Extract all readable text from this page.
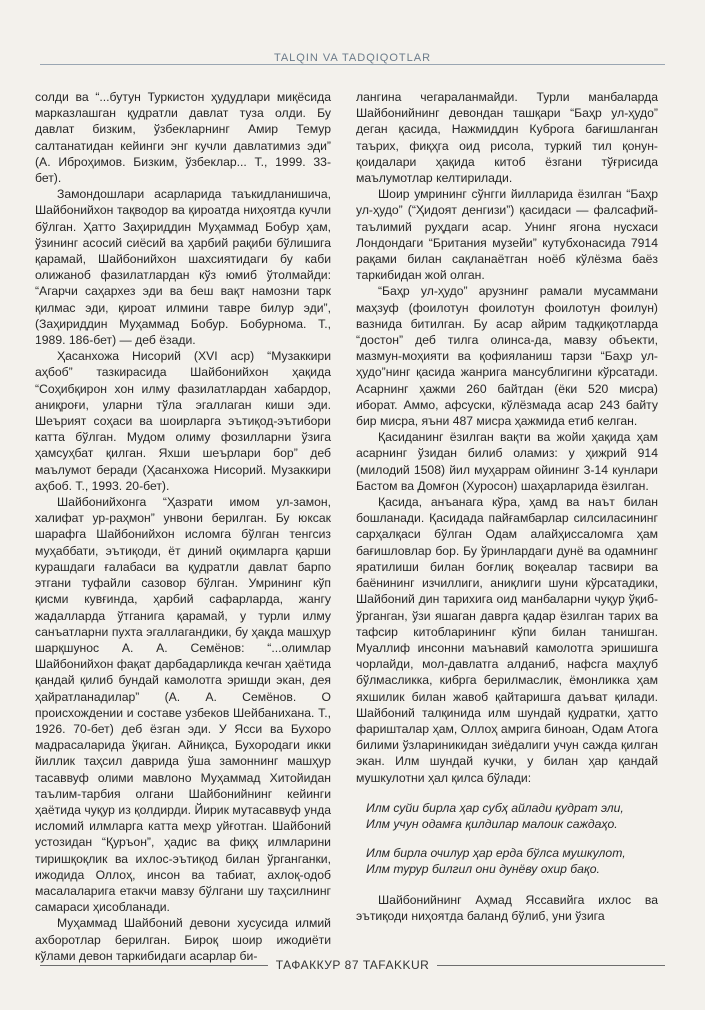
TALQIN VA TADQIQOTLAR

солди ва “...бутун Туркистон ҳудудлари миқёсида марказлашган қудратли давлат туза олди. Бу давлат бизким, ўзбекларнинг Амир Темур салтанатидан кейинги энг кучли давлатимиз эди” (А. Иброҳимов. Бизким, ўзбеклар... Т., 1999. 33-бет).

Замондошлари асарларида таъкидланишича, Шайбонийхон тақводор ва қироатда ниҳоятда кучли бўлган. Ҳатто Заҳириддин Муҳаммад Бобур ҳам, ўзининг асосий сиёсий ва ҳарбий рақиби бўлишига қарамай, Шайбонийхон шахсиятидаги бу каби олижаноб фазилатлардан кўз юмиб ўтолмайди: “Агарчи саҳархез эди ва беш вақт намозни тарк қилмас эди, қироат илмини тавре билур эди”, (Заҳириддин Муҳаммад Бобур. Бобурнома. Т., 1989. 186-бет) — деб ёзади.

Ҳасанхожа Нисорий (XVI аср) “Музаккири аҳбоб” тазкирасида Шайбонийхон ҳақида “Соҳибқирон хон илму фазилатлардан хабардор, аниқроғи, уларни тўла эгаллаган киши эди. Шеърият соҳаси ва шоирларга эътиқод-эътибори катта бўлган. Мудом олиму фозилларни ўзига ҳамсуҳбат қилган. Яхши шеърлари бор” деб маълумот беради (Ҳасанхожа Нисорий. Музаккири аҳбоб. Т., 1993. 20-бет).

Шайбонийхонга “Ҳазрати имом ул-замон, халифат ур-раҳмон” унвони берилган. Бу юксак шарафга Шайбонийхон исломга бўлган тенгсиз муҳаббати, эътиқоди, ёт диний оқимларга қарши курашдаги ғалабаси ва қудратли давлат барпо этгани туфайли сазовор бўлган. Умрининг кўп қисми кувғинда, ҳарбий сафарларда, жангу жадалларда ўтганига қарамай, у турли илму санъатларни пухта эгаллагандики, бу ҳақда машҳур шарқшунос А. А. Семёнов: “...олимлар Шайбонийхон фақат дарбадарликда кечган ҳаётида қандай қилиб бундай камолотга эришди экан, дея ҳайратланадилар” (А. А. Семёнов. О происхождении и составе узбеков Шейбанихана. Т., 1926. 70-бет) деб ёзган эди. У Ясси ва Бухоро мадрасаларида ўқиган. Айниқса, Бухородаги икки йиллик таҳсил даврида ўша замоннинг машҳур тасаввуф олими мавлоно Муҳаммад Хитойидан таълим-тарбия олгани Шайбонийнинг кейинги ҳаётида чуқур из қолдирди. Йирик мутасаввуф унда исломий илмларга катта меҳр уйғотган. Шайбоний устозидан “Қуръон”, ҳадис ва фиқҳ илмларини тиришқоқлик ва ихлос-эътиқод билан ўрганганки, ижодида Оллоҳ, инсон ва табиат, ахлоқ-одоб масалаларига етакчи мавзу бўлгани шу таҳсилнинг самараси ҳисобланади.

Муҳаммад Шайбоний девони хусусида илмий ахборотлар берилган. Бироқ шоир ижодиёти кўлами девон таркибидаги асарлар би-

лангина чегараланмайди. Турли манбаларда Шайбонийнинг девондан ташқари “Баҳр ул-ҳудо” деган қасида, Нажмиддин Куброга бағишланган таърих, фиқҳга оид рисола, туркий тил қонун-қоидалари ҳақида китоб ёзгани тўғрисида маълумотлар келтирилади.

Шоир умрининг сўнгги йилларида ёзилган “Баҳр ул-ҳудо” (“Ҳидоят денгизи”) қасидаси — фалсафий-таълимий руҳдаги асар. Унинг ягона нусхаси Лондондаги “Британия музейи” кутубхонасида 7914 рақами билан сақланаётган ноёб кўлёзма баёз таркибидан жой олган.

“Баҳр ул-ҳудо” арузнинг рамали мусаммани маҳзуф (фоилотун фоилотун фоилотун фоилун) вазнида битилган. Бу асар айрим тадқиқотларда “достон” деб тилга олинса-да, мавзу объекти, мазмун-моҳияти ва қофияланиш тарзи “Баҳр ул-ҳудо”нинг қасида жанрига мансублигини кўрсатади. Асарнинг ҳажми 260 байтдан (ёки 520 мисра) иборат. Аммо, афсуски, кўлёзмада асар 243 байту бир мисра, яъни 487 мисра ҳажмида етиб келган.

Қасиданинг ёзилган вақти ва жойи ҳақида ҳам асарнинг ўзидан билиб оламиз: у ҳижрий 914 (милодий 1508) йил муҳаррам ойининг 3-14 кунлари Бастом ва Домғон (Хуросон) шаҳарларида ёзилган.

Қасида, анъанага кўра, ҳамд ва наът билан бошланади. Қасидада пайғамбарлар силсиласининг сарҳалқаси бўлган Одам алайҳиссаломга ҳам бағишловлар бор. Бу ўринлардаги дунё ва одамнинг яратилиши билан боғлиқ воқеалар тасвири ва баёнининг изчиллиги, аниқлиги шуни кўрсатадики, Шайбоний дин тарихига оид манбаларни чуқур ўқиб-ўрганган, ўзи яшаган даврга қадар ёзилган тарих ва тафсир китобларининг кўпи билан танишган. Муаллиф инсонни маънавий камолотга эришишга чорлайди, мол-давлатга алданиб, нафсга маҳлуб бўлмасликка, кибрга берилмаслик, ёмонликка ҳам яхшилик билан жавоб қайтаришга даъват қилади. Шайбоний талқинида илм шундай қудратки, ҳатто фаришталар ҳам, Оллоҳ амрига биноан, Одам Атога билими ўзлариникидан зиёдалиги учун сажда қилган экан. Илм шундай кучки, у билан ҳар қандай мушкулотни ҳал қилса бўлади:

Илм суйи бирла ҳар субҳ айлади қудрат эли,
Илм учун одамға қилдилар малоик саждаҳо.
Илм бирла очилур ҳар ерда бўлса мушкулот,
Илм турур билгил они дунёву охир бақо.

Шайбонийнинг Аҳмад Яссавийга ихлос ва эътиқоди ниҳоятда баланд бўлиб, уни ўзига

ТАФАККУР 87 TAFAKKUR
